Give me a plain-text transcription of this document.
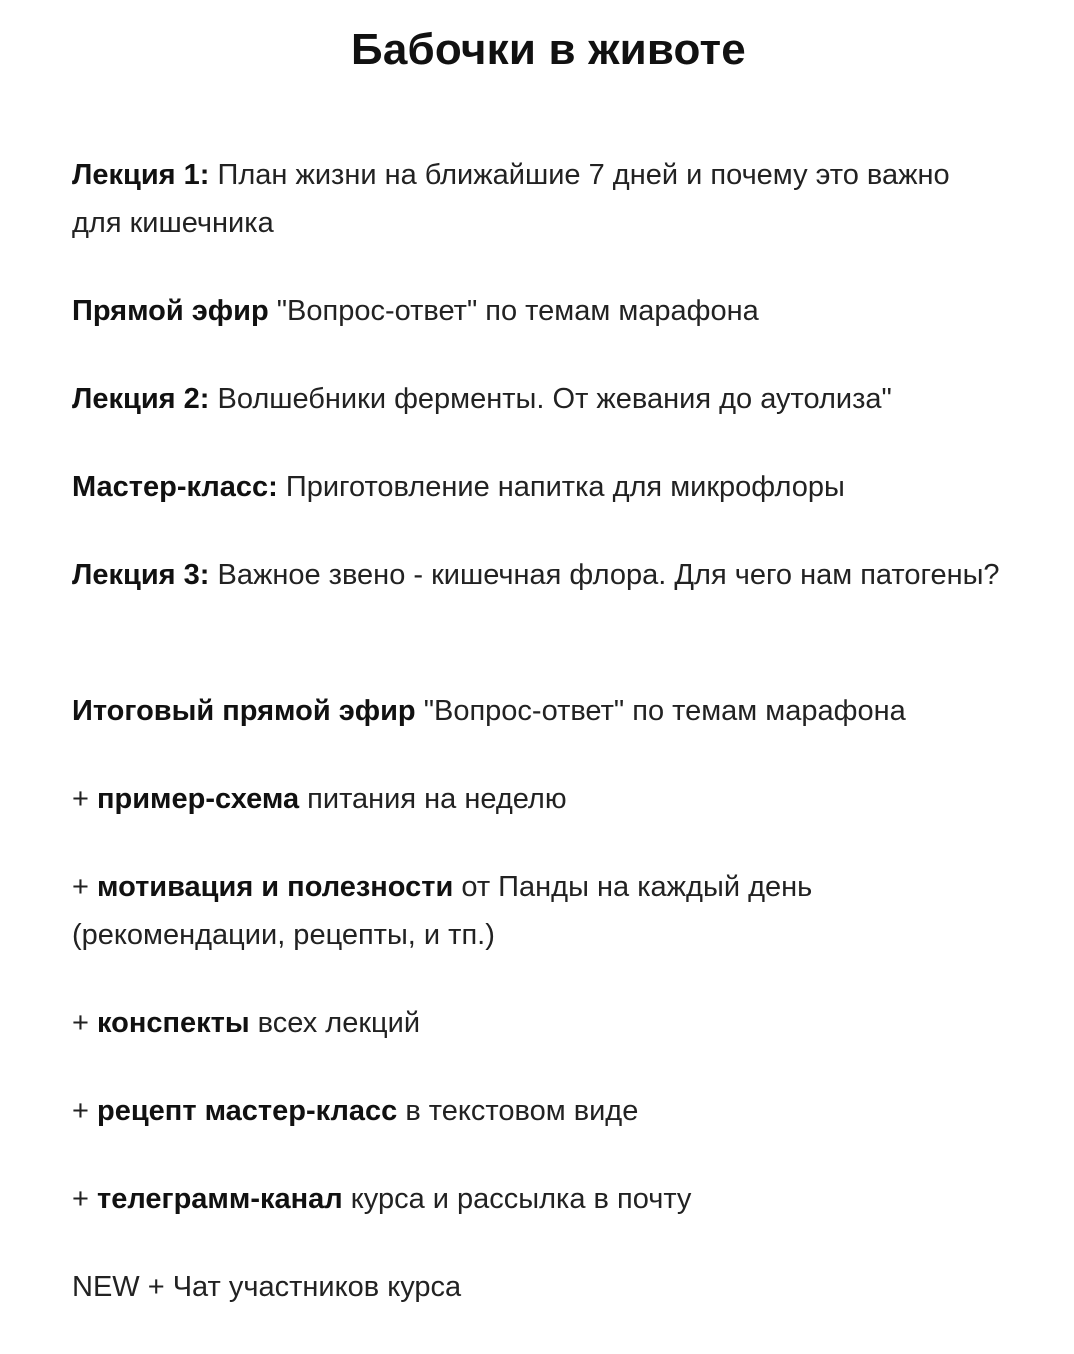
Бабочки в животе
Лекция 1: План жизни на ближайшие 7 дней и почему это важно для кишечника
Прямой эфир "Вопрос-ответ" по темам марафона
Лекция 2: Волшебники ферменты. От жевания до аутолиза"
Мастер-класс: Приготовление напитка для микрофлоры
Лекция 3: Важное звено - кишечная флора. Для чего нам патогены?
Итоговый прямой эфир "Вопрос-ответ" по темам марафона
+ пример-схема питания на неделю
+ мотивация и полезности от Панды на каждый день (рекомендации, рецепты, и тп.)
+ конспекты всех лекций
+ рецепт мастер-класс в текстовом виде
+ телеграмм-канал курса и рассылка в почту
NEW + Чат участников курса
